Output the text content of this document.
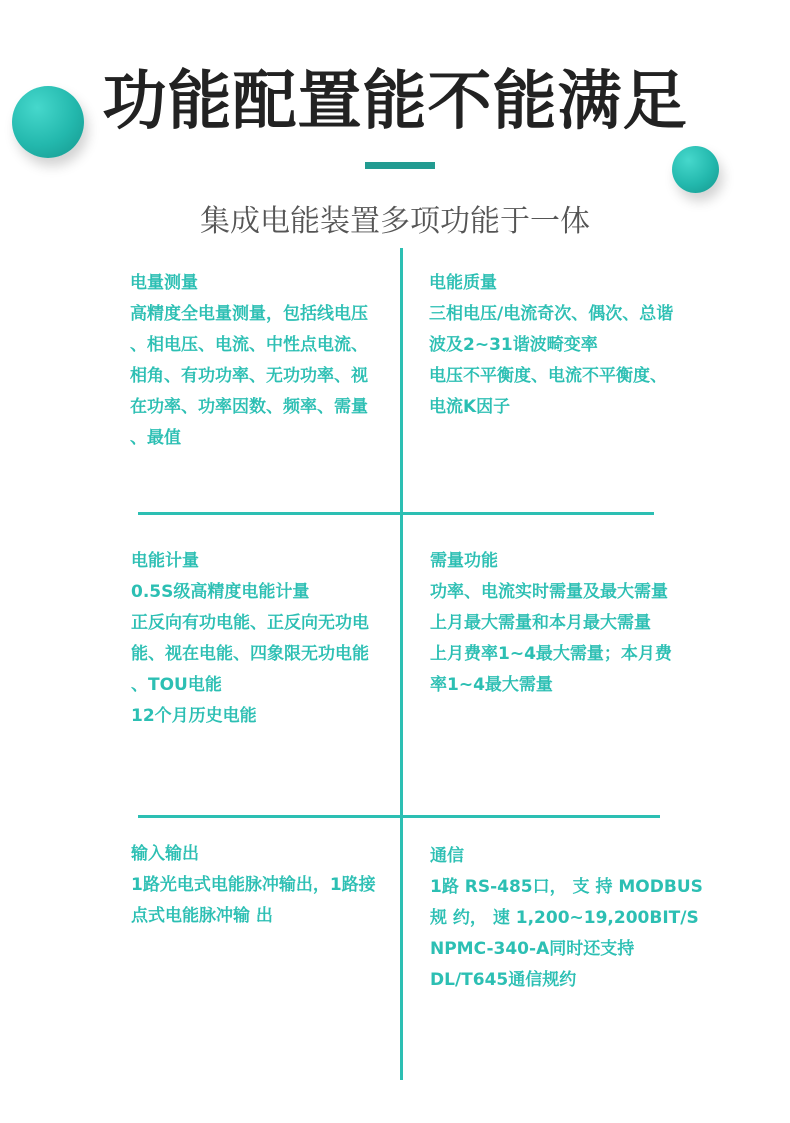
功能配置能不能满足
集成电能装置多项功能于一体
电量测量
高精度全电量测量，包括线电压
、相电压、电流、中性点电流、
相角、有功功率、无功功率、视
在功率、功率因数、频率、需量
、最值
电能质量
三相电压/电流奇次、偶次、总谐
波及2~31谐波畸变率
电压不平衡度、电流不平衡度、
电流K因子
电能计量
0.5S级高精度电能计量
正反向有功电能、正反向无功电
能、视在电能、四象限无功电能
、TOU电能
12个月历史电能
需量功能
功率、电流实时需量及最大需量
上月最大需量和本月最大需量
上月费率1~4最大需量；本月费
率1~4最大需量
输入输出
1路光电式电能脉冲输出，1路接
点式电能脉冲输 出
通信
1路 RS-485口， 支 持 MODBUS
规 约， 速 1,200~19,200BIT/S
NPMC-340-A同时还支持
DL/T645通信规约
